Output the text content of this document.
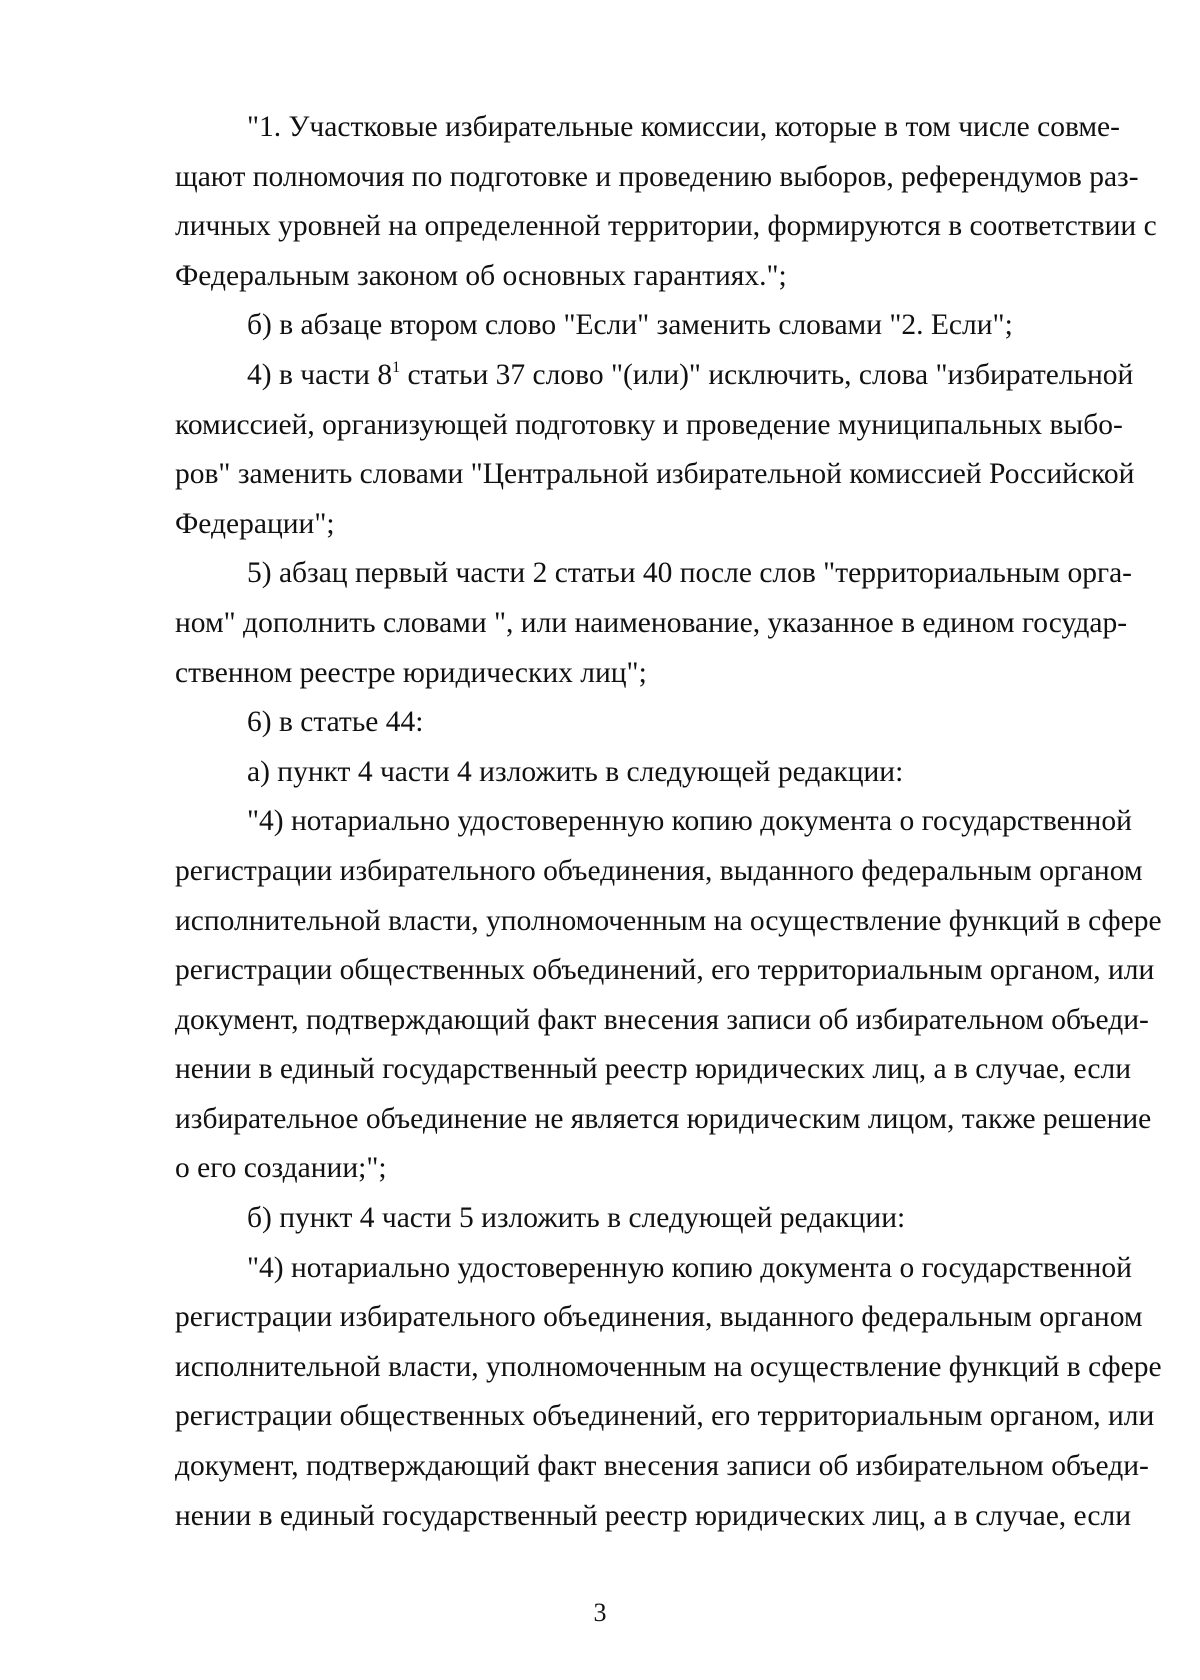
"1. Участковые избирательные комиссии, которые в том числе совме-
щают полномочия по подготовке и проведению выборов, референдумов раз-
личных уровней на определенной территории, формируются в соответствии с
Федеральным законом об основных гарантиях.";

б) в абзаце втором слово "Если" заменить словами "2. Если";

4) в части $8^1$ статьи 37 слово "(или)" исключить, слова "избирательной
комиссией, организующей подготовку и проведение муниципальных выбо-
ров" заменить словами "Центральной избирательной комиссией Российской
Федерации";

5) абзац первый части 2 статьи 40 после слов "территориальным орга-
ном" дополнить словами ", или наименование, указанное в едином государ-
ственном реестре юридических лиц";

6) в статье 44:

а) пункт 4 части 4 изложить в следующей редакции:

"4) нотариально удостоверенную копию документа о государственной
регистрации избирательного объединения, выданного федеральным органом
исполнительной власти, уполномоченным на осуществление функций в сфере
регистрации общественных объединений, его территориальным органом, или
документ, подтверждающий факт внесения записи об избирательном объеди-
нении в единый государственный реестр юридических лиц, а в случае, если
избирательное объединение не является юридическим лицом, также решение
о его создании;";

б) пункт 4 части 5 изложить в следующей редакции:

"4) нотариально удостоверенную копию документа о государственной
регистрации избирательного объединения, выданного федеральным органом
исполнительной власти, уполномоченным на осуществление функций в сфере
регистрации общественных объединений, его территориальным органом, или
документ, подтверждающий факт внесения записи об избирательном объеди-
нении в единый государственный реестр юридических лиц, а в случае, если

3
